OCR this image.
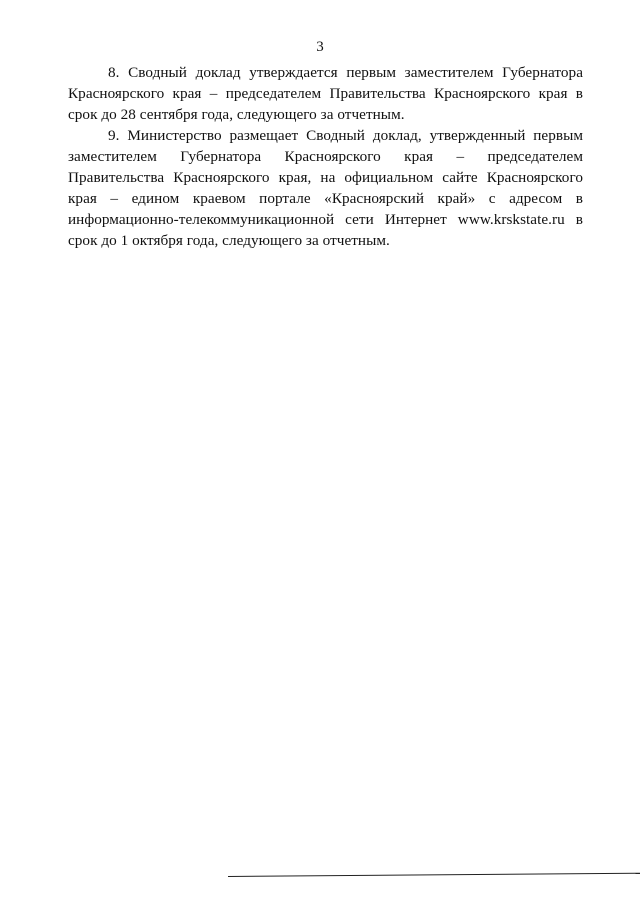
3

8. Сводный доклад утверждается первым заместителем Губернатора Красноярского края – председателем Правительства Красноярского края в срок до 28 сентября года, следующего за отчетным.

9. Министерство размещает Сводный доклад, утвержденный первым заместителем Губернатора Красноярского края – председателем Правительства Красноярского края, на официальном сайте Красноярского края – едином краевом портале «Красноярский край» с адресом в информационно-телекоммуникационной сети Интернет www.krskstate.ru в срок до 1 октября года, следующего за отчетным.
